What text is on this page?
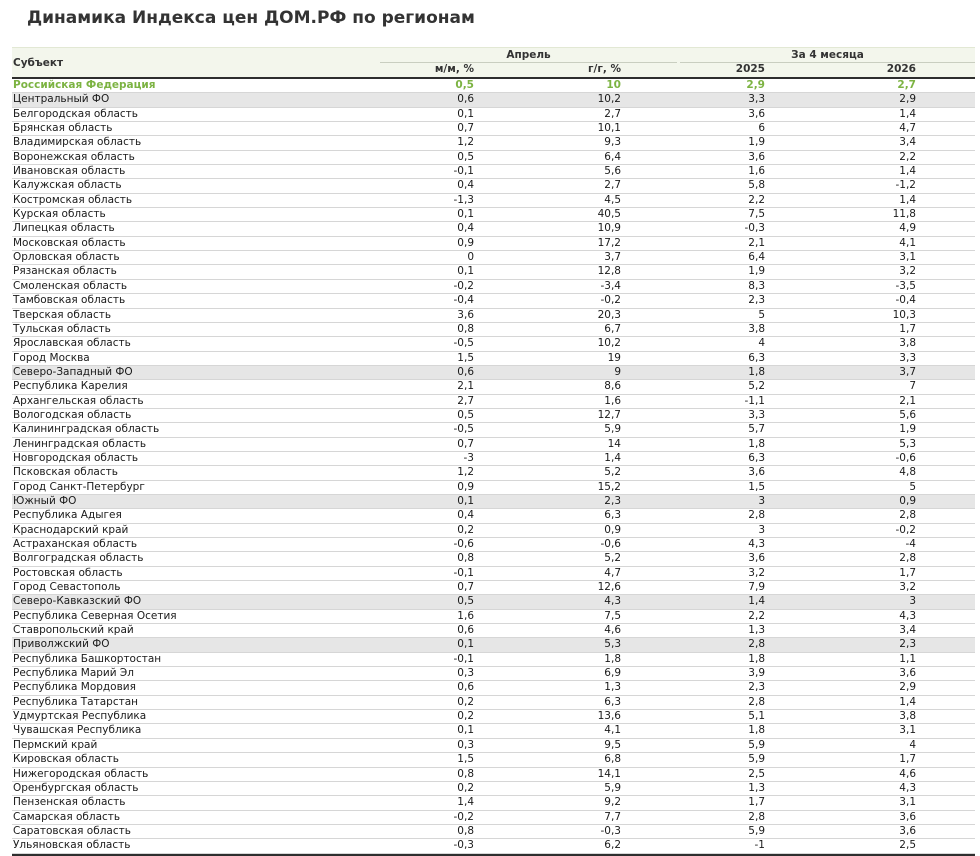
Динамика Индекса цен ДОМ.РФ по регионам
Субъект
Апрель	За 4 месяца
м/м, %	г/г, %	2025	2026
Российская Федерация	0,5	10	2,9	2,7
Центральный ФО	0,6	10,2	3,3	2,9
Белгородская область	0,1	2,7	3,6	1,4
Брянская область	0,7	10,1	6	4,7
Владимирская область	1,2	9,3	1,9	3,4
Воронежская область	0,5	6,4	3,6	2,2
Ивановская область	-0,1	5,6	1,6	1,4
Калужская область	0,4	2,7	5,8	-1,2
Костромская область	-1,3	4,5	2,2	1,4
Курская область	0,1	40,5	7,5	11,8
Липецкая область	0,4	10,9	-0,3	4,9
Московская область	0,9	17,2	2,1	4,1
Орловская область	0	3,7	6,4	3,1
Рязанская область	0,1	12,8	1,9	3,2
Смоленская область	-0,2	-3,4	8,3	-3,5
Тамбовская область	-0,4	-0,2	2,3	-0,4
Тверская область	3,6	20,3	5	10,3
Тульская область	0,8	6,7	3,8	1,7
Ярославская область	-0,5	10,2	4	3,8
Город Москва	1,5	19	6,3	3,3
Северо-Западный ФО	0,6	9	1,8	3,7
Республика Карелия	2,1	8,6	5,2	7
Архангельская область	2,7	1,6	-1,1	2,1
Вологодская область	0,5	12,7	3,3	5,6
Калининградская область	-0,5	5,9	5,7	1,9
Ленинградская область	0,7	14	1,8	5,3
Новгородская область	-3	1,4	6,3	-0,6
Псковская область	1,2	5,2	3,6	4,8
Город Санкт-Петербург	0,9	15,2	1,5	5
Южный ФО	0,1	2,3	3	0,9
Республика Адыгея	0,4	6,3	2,8	2,8
Краснодарский край	0,2	0,9	3	-0,2
Астраханская область	-0,6	-0,6	4,3	-4
Волгоградская область	0,8	5,2	3,6	2,8
Ростовская область	-0,1	4,7	3,2	1,7
Город Севастополь	0,7	12,6	7,9	3,2
Северо-Кавказский ФО	0,5	4,3	1,4	3
Республика Северная Осетия	1,6	7,5	2,2	4,3
Ставропольский край	0,6	4,6	1,3	3,4
Приволжский ФО	0,1	5,3	2,8	2,3
Республика Башкортостан	-0,1	1,8	1,8	1,1
Республика Марий Эл	0,3	6,9	3,9	3,6
Республика Мордовия	0,6	1,3	2,3	2,9
Республика Татарстан	0,2	6,3	2,8	1,4
Удмуртская Республика	0,2	13,6	5,1	3,8
Чувашская Республика	0,1	4,1	1,8	3,1
Пермский край	0,3	9,5	5,9	4
Кировская область	1,5	6,8	5,9	1,7
Нижегородская область	0,8	14,1	2,5	4,6
Оренбургская область	0,2	5,9	1,3	4,3
Пензенская область	1,4	9,2	1,7	3,1
Самарская область	-0,2	7,7	2,8	3,6
Саратовская область	0,8	-0,3	5,9	3,6
Ульяновская область	-0,3	6,2	-1	2,5
